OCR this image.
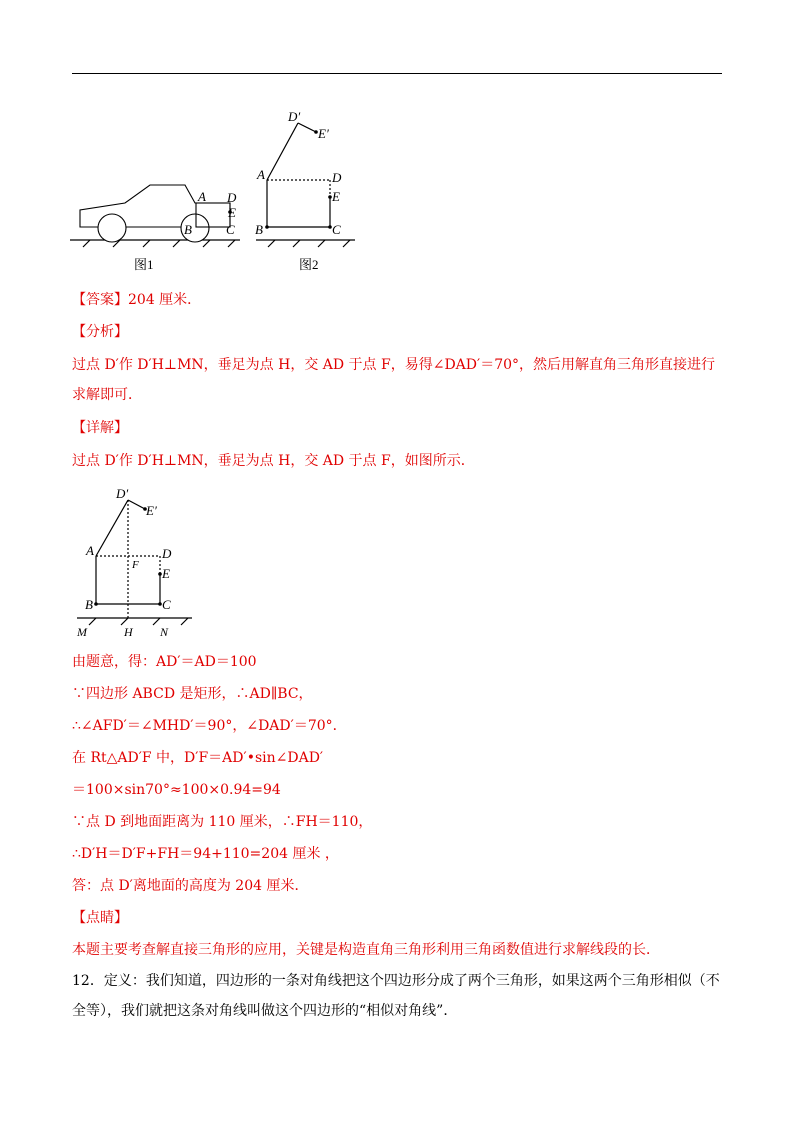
A D
E
B	C
图1
D′
E′
A	D
E
B	C
图2
【答案】204 厘米．
【分析】
过点 D′作 D′H⊥MN，垂足为点 H，交 AD 于点 F，易得∠DAD′＝70°，然后用解直角三角形直接进行求解即可．
【详解】
过点 D′作 D′H⊥MN，垂足为点 H，交 AD 于点 F，如图所示．
D′
E′
A	D
F
E
B	C
M	H N
由题意，得：AD′＝AD＝100
∵四边形 ABCD 是矩形，∴AD∥BC，
∴∠AFD′＝∠MHD′＝90°，∠DAD′＝70°．
在 Rt△AD′F 中，D′F＝AD′•sin∠DAD′
＝100×sin70°≈100×0.94=94
∵点 D 到地面距离为 110 厘米，∴FH＝110，
∴D′H＝D′F+FH＝94+110=204 厘米 ，
答：点 D′离地面的高度为 204 厘米．
【点睛】
本题主要考查解直接三角形的应用，关键是构造直角三角形利用三角函数值进行求解线段的长．
12．定义：我们知道，四边形的一条对角线把这个四边形分成了两个三角形，如果这两个三角形相似（不全等），我们就把这条对角线叫做这个四边形的“相似对角线”．
